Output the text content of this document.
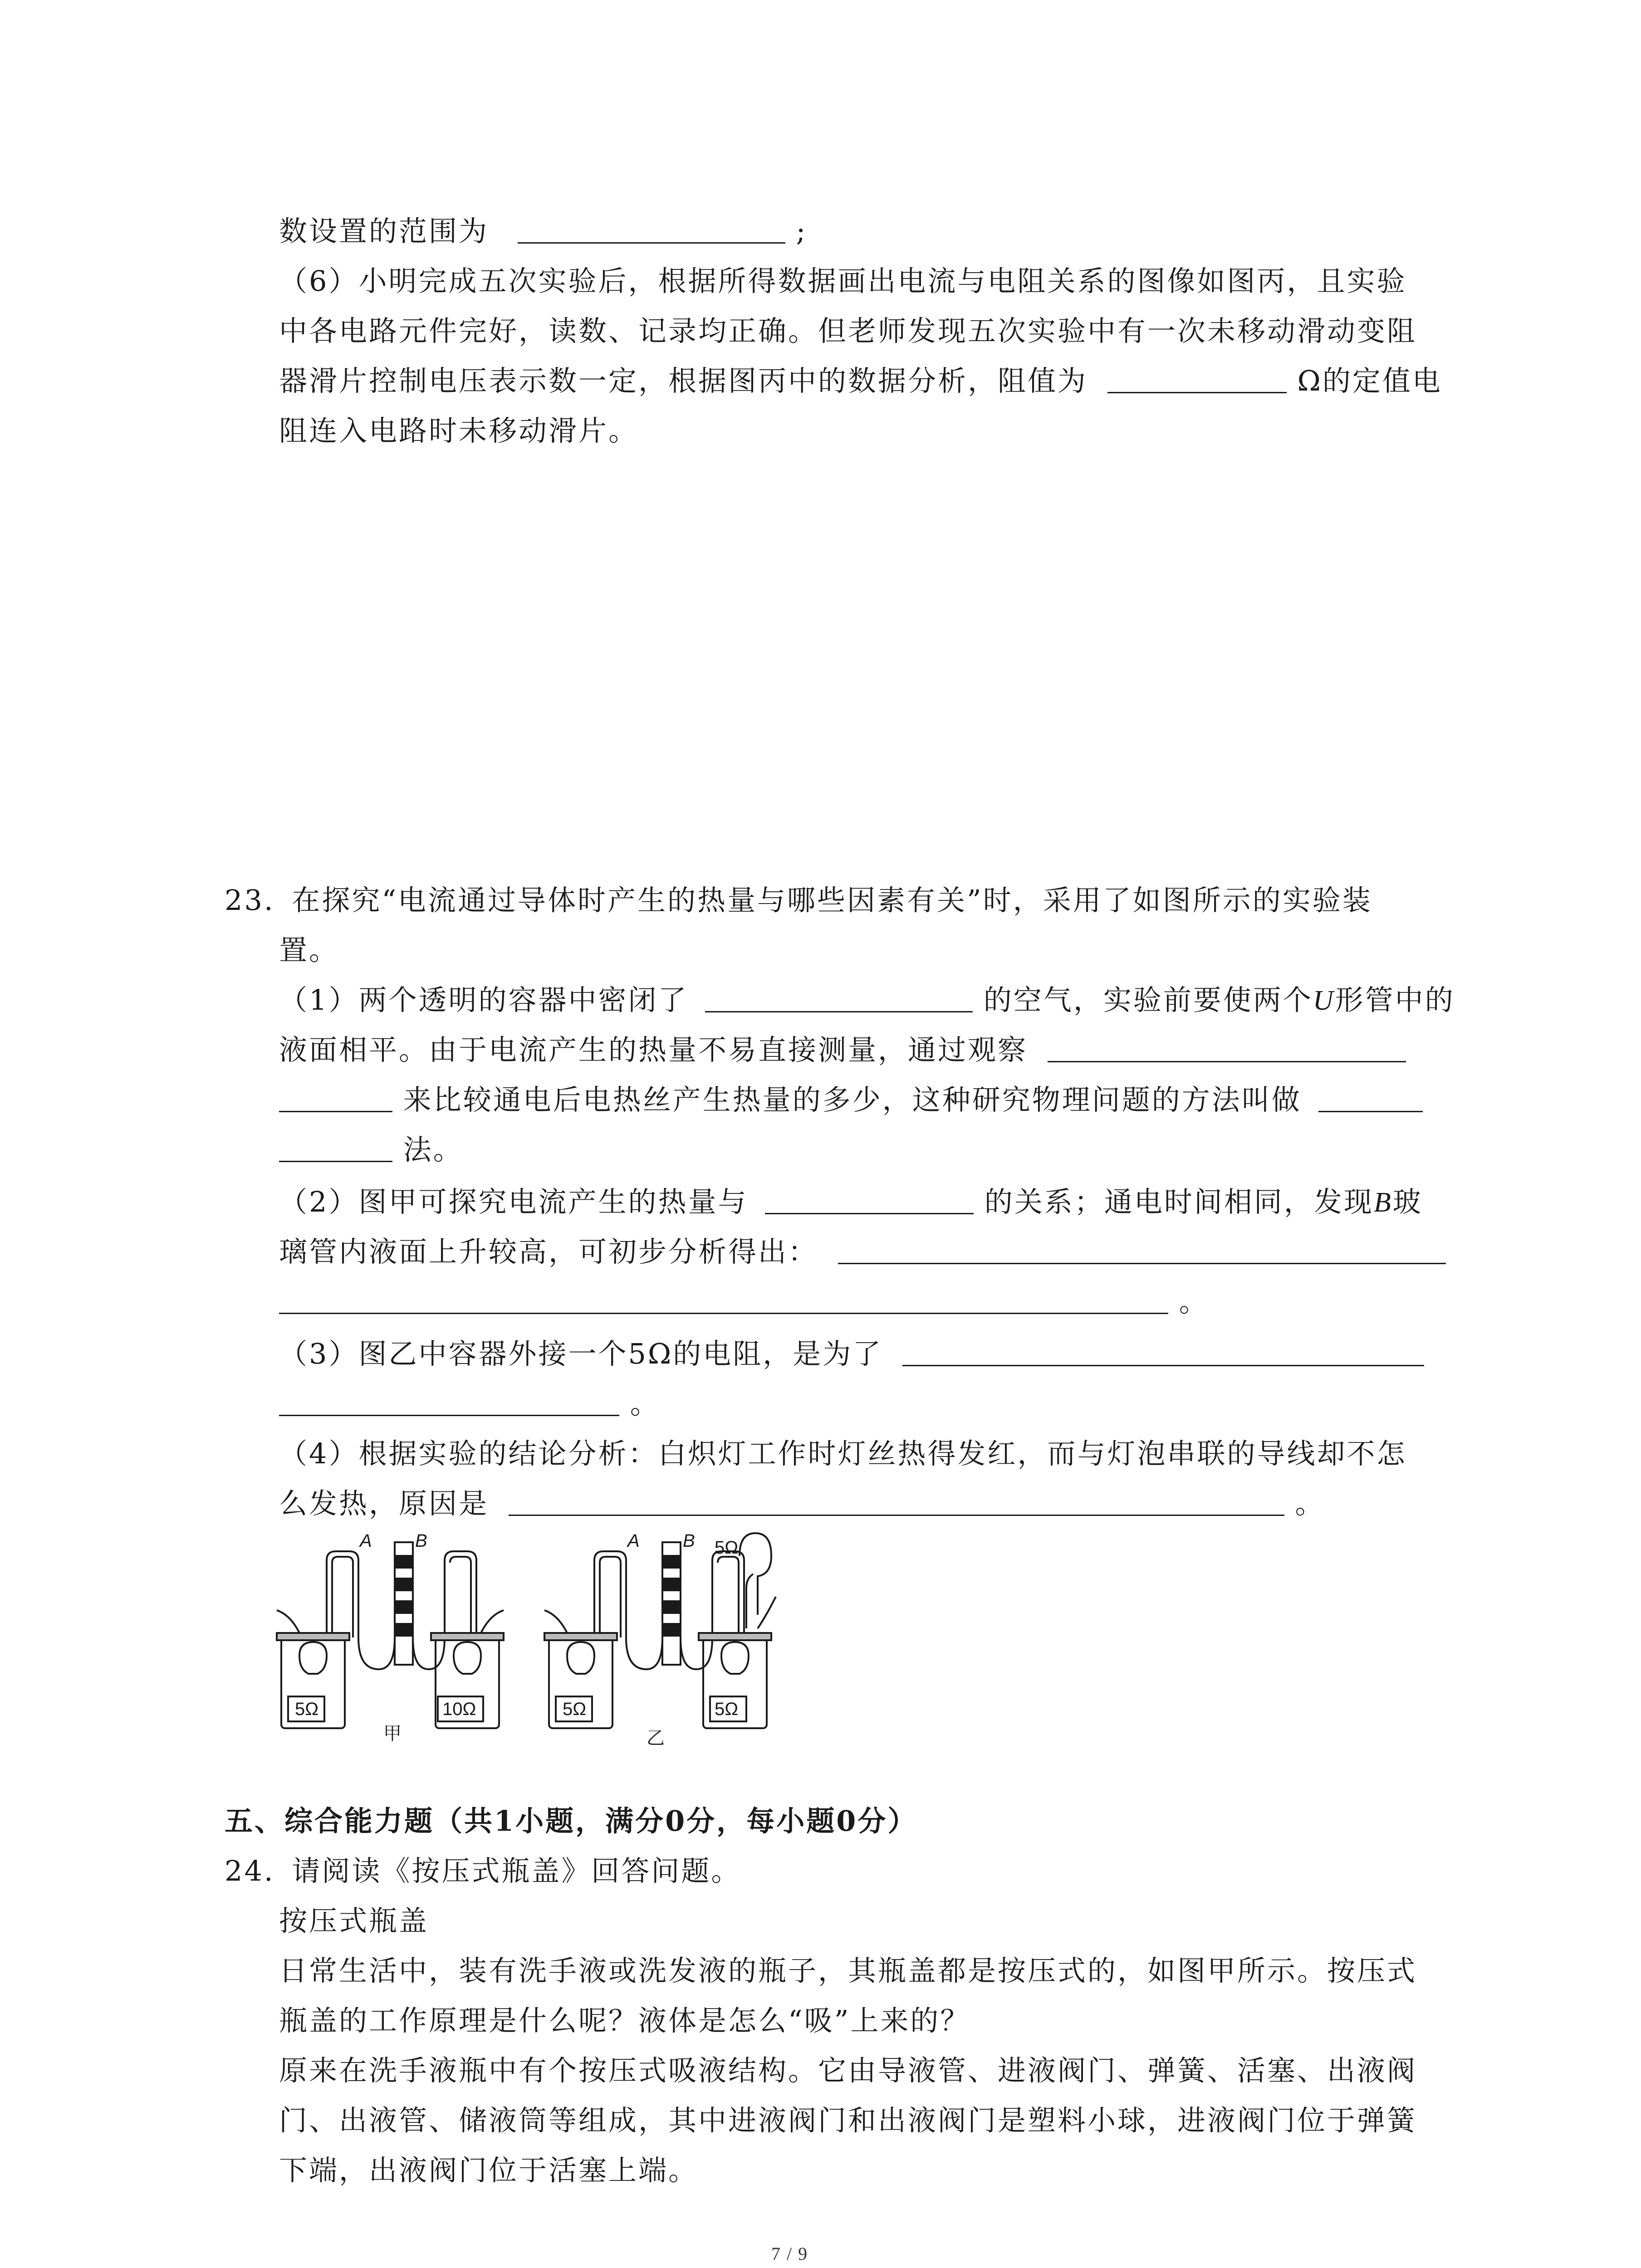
数设置的范围为	;
（6）小明完成五次实验后，根据所得数据画出电流与电阻关系的图像如图丙，且实验
中各电路元件完好，读数、记录均正确。但老师发现五次实验中有一次未移动滑动变阻
器滑片控制电压表示数一定，根据图丙中的数据分析，阻值为	Ω的定值电
阻连入电路时未移动滑片。
23. 在探究“电流通过导体时产生的热量与哪些因素有关”时，采用了如图所示的实验装
置。
（1）两个透明的容器中密闭了	的空气，实验前要使两个U形管中的
液面相平。由于电流产生的热量不易直接测量，通过观察
来比较通电后电热丝产生热量的多少，这种研究物理问题的方法叫做
法。
（2）图甲可探究电流产生的热量与	的关系；通电时间相同，发现B玻
璃管内液面上升较高，可初步分析得出：
。
（3）图乙中容器外接一个5Ω的电阻，是为了
。
（4）根据实验的结论分析：白炽灯工作时灯丝热得发红，而与灯泡串联的导线却不怎
么发热，原因是	。
A B
5Ω	10Ω
甲
A B 5Ω
5Ω	5Ω
乙
五、综合能力题（共1小题，满分0分，每小题0分）
24. 请阅读《按压式瓶盖》回答问题。
按压式瓶盖
日常生活中，装有洗手液或洗发液的瓶子，其瓶盖都是按压式的，如图甲所示。按压式
瓶盖的工作原理是什么呢？液体是怎么“吸”上来的？
原来在洗手液瓶中有个按压式吸液结构。它由导液管、进液阀门、弹簧、活塞、出液阀
门、出液管、储液筒等组成，其中进液阀门和出液阀门是塑料小球，进液阀门位于弹簧
下端，出液阀门位于活塞上端。
7 / 9
